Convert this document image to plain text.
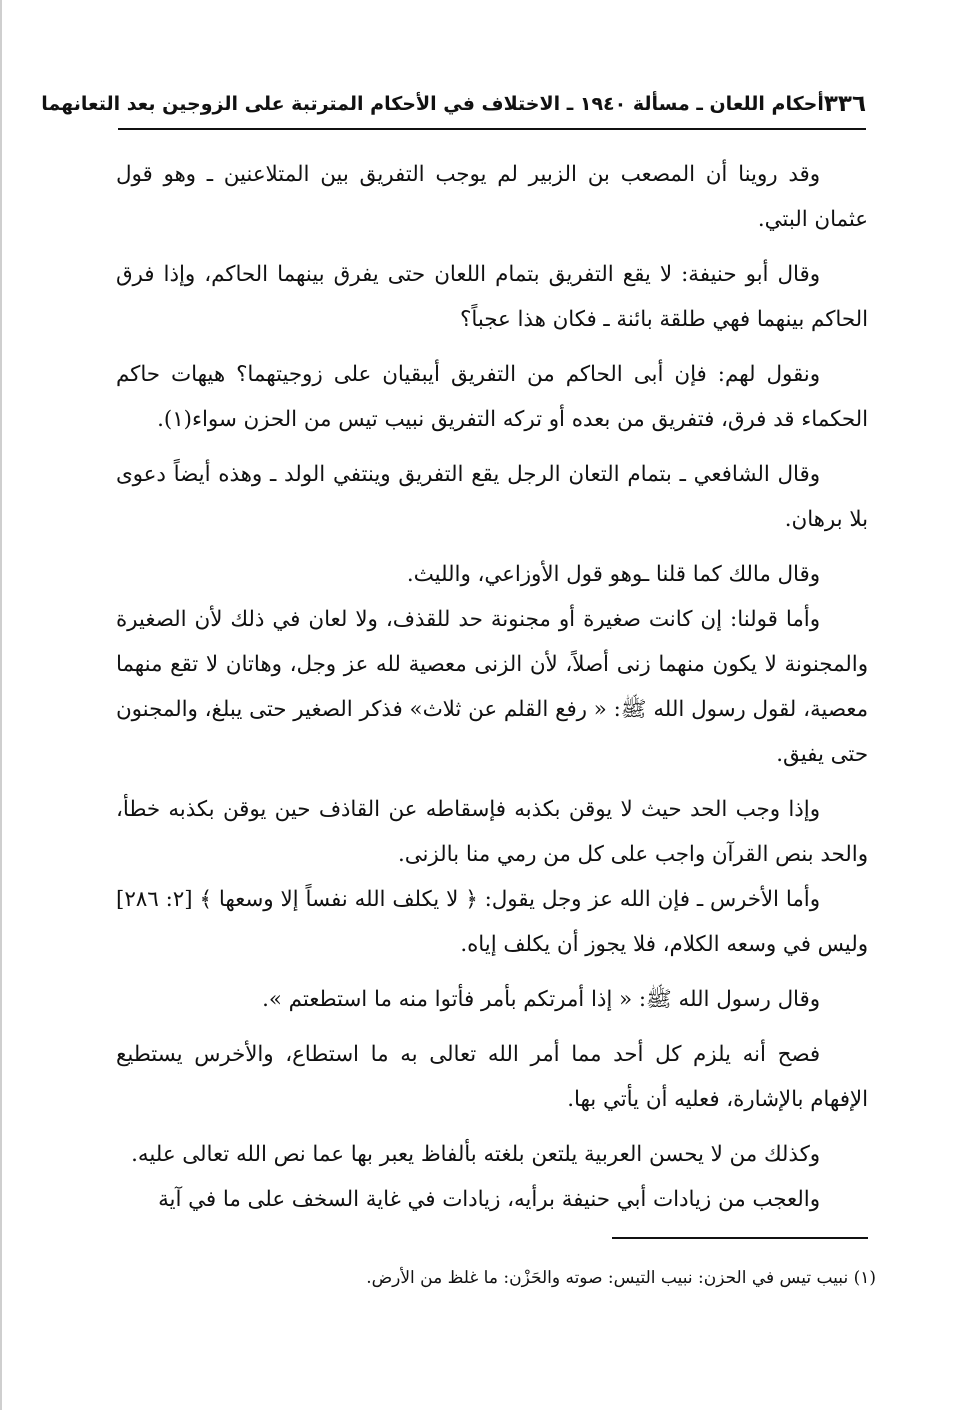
٣٣٦
أحكام اللعان ـ مسألة ١٩٤٠ ـ الاختلاف في الأحكام المترتبة على الزوجين بعد التعانهما

وقد روينا أن المصعب بن الزبير لم يوجب التفريق بين المتلاعنين ـ وهو قول عثمان البتي.

وقال أبو حنيفة: لا يقع التفريق بتمام اللعان حتى يفرق بينهما الحاكم، وإذا فرق الحاكم بينهما فهي طلقة بائنة ـ فكان هذا عجباً؟

ونقول لهم: فإن أبى الحاكم من التفريق أيبقيان على زوجيتهما؟ هيهات حاكم الحكماء قد فرق، فتفريق من بعده أو تركه التفريق نبيب تيس من الحزن سواء(١).

وقال الشافعي ـ بتمام التعان الرجل يقع التفريق وينتفي الولد ـ وهذه أيضاً دعوى بلا برهان.

وقال مالك كما قلنا ـوهو قول الأوزاعي، والليث.

وأما قولنا: إن كانت صغيرة أو مجنونة حد للقذف، ولا لعان في ذلك لأن الصغيرة والمجنونة لا يكون منهما زنى أصلاً، لأن الزنى معصية لله عز وجل، وهاتان لا تقع منهما معصية، لقول رسول الله ﷺ: « رفع القلم عن ثلاث» فذكر الصغير حتى يبلغ، والمجنون حتى يفيق.

وإذا وجب الحد حيث لا يوقن بكذبه فإسقاطه عن القاذف حين يوقن بكذبه خطأ، والحد بنص القرآن واجب على كل من رمي منا بالزنى.

وأما الأخرس ـ فإن الله عز وجل يقول: ﴿ لا يكلف الله نفساً إلا وسعها ﴾ [٢: ٢٨٦] وليس في وسعه الكلام، فلا يجوز أن يكلف إياه.

وقال رسول الله ﷺ: « إذا أمرتكم بأمر فأتوا منه ما استطعتم ».

فصح أنه يلزم كل أحد مما أمر الله تعالى به ما استطاع، والأخرس يستطيع الإفهام بالإشارة، فعليه أن يأتي بها.

وكذلك من لا يحسن العربية يلتعن بلغته بألفاظ يعبر بها عما نص الله تعالى عليه.

والعجب من زيادات أبي حنيفة برأيه، زيادات في غاية السخف على ما في آية

(١) نبيب تيس في الحزن: نبيب التيس: صوته والحَزْن: ما غلظ من الأرض.
